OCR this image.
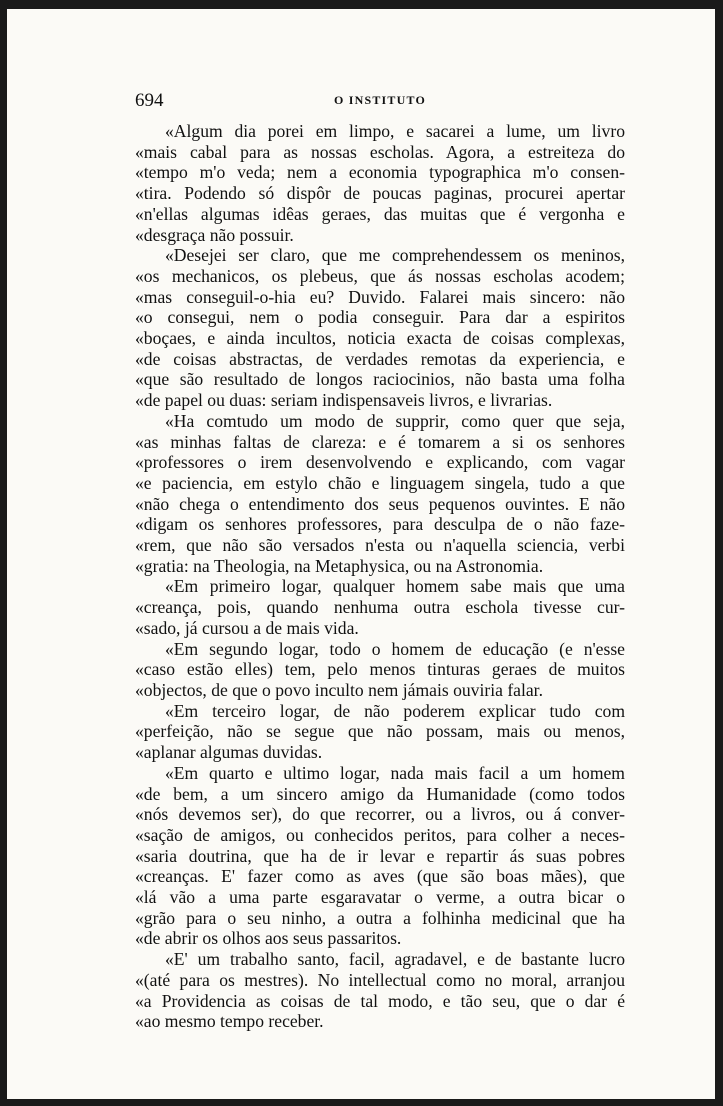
694	O INSTITUTO
«Algum dia porei em limpo, e sacarei a lume, um livro
«mais cabal para as nossas escholas. Agora, a estreiteza do
«tempo m'o veda; nem a economia typographica m'o consen-
«tira. Podendo só dispôr de poucas paginas, procurei apertar
«n'ellas algumas idêas geraes, das muitas que é vergonha e
«desgraça não possuir.
«Desejei ser claro, que me comprehendessem os meninos,
«os mechanicos, os plebeus, que ás nossas escholas acodem;
«mas conseguil-o-hia eu? Duvido. Falarei mais sincero: não
«o consegui, nem o podia conseguir. Para dar a espiritos
«boçaes, e ainda incultos, noticia exacta de coisas complexas,
«de coisas abstractas, de verdades remotas da experiencia, e
«que são resultado de longos raciocinios, não basta uma folha
«de papel ou duas: seriam indispensaveis livros, e livrarias.
«Ha comtudo um modo de supprir, como quer que seja,
«as minhas faltas de clareza: e é tomarem a si os senhores
«professores o irem desenvolvendo e explicando, com vagar
«e paciencia, em estylo chão e linguagem singela, tudo a que
«não chega o entendimento dos seus pequenos ouvintes. E não
«digam os senhores professores, para desculpa de o não faze-
«rem, que não são versados n'esta ou n'aquella sciencia, verbi
«gratia: na Theologia, na Metaphysica, ou na Astronomia.
«Em primeiro logar, qualquer homem sabe mais que uma
«creança, pois, quando nenhuma outra eschola tivesse cur-
«sado, já cursou a de mais vida.
«Em segundo logar, todo o homem de educação (e n'esse
«caso estão elles) tem, pelo menos tinturas geraes de muitos
«objectos, de que o povo inculto nem jámais ouviria falar.
«Em terceiro logar, de não poderem explicar tudo com
«perfeição, não se segue que não possam, mais ou menos,
«aplanar algumas duvidas.
«Em quarto e ultimo logar, nada mais facil a um homem
«de bem, a um sincero amigo da Humanidade (como todos
«nós devemos ser), do que recorrer, ou a livros, ou á conver-
«sação de amigos, ou conhecidos peritos, para colher a neces-
«saria doutrina, que ha de ir levar e repartir ás suas pobres
«creanças. E' fazer como as aves (que são boas mães), que
«lá vão a uma parte esgaravatar o verme, a outra bicar o
«grão para o seu ninho, a outra a folhinha medicinal que ha
«de abrir os olhos aos seus passaritos.
«E' um trabalho santo, facil, agradavel, e de bastante lucro
«(até para os mestres). No intellectual como no moral, arranjou
«a Providencia as coisas de tal modo, e tão seu, que o dar é
«ao mesmo tempo receber.
